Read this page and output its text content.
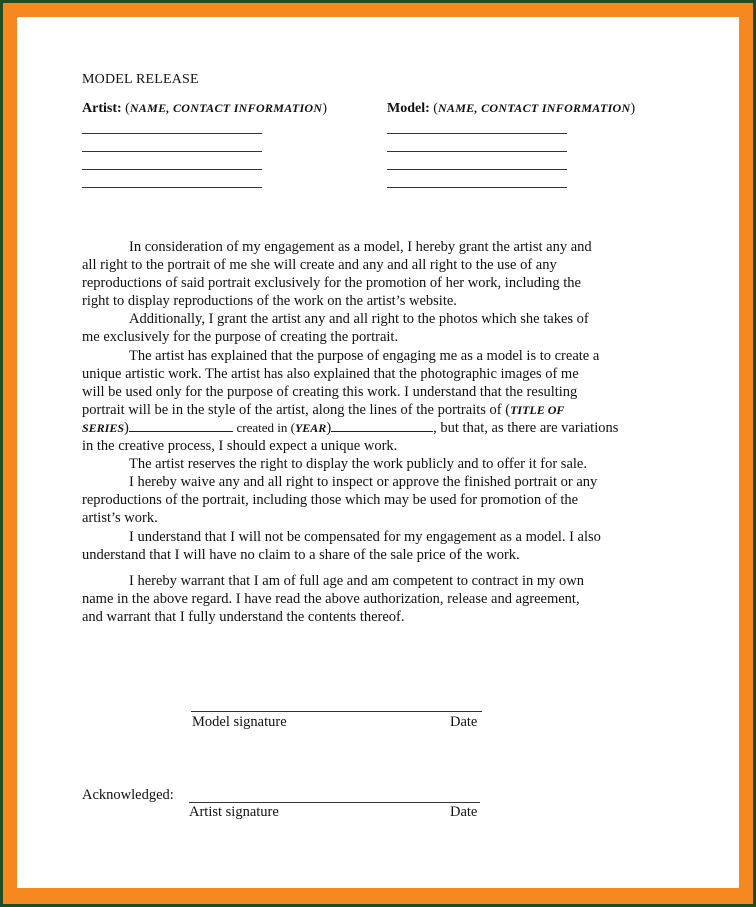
MODEL RELEASE
Artist: (NAME, CONTACT INFORMATION)	Model: (NAME, CONTACT INFORMATION)

In consideration of my engagement as a model, I hereby grant the artist any and

all right to the portrait of me she will create and any and all right to the use of any

reproductions of said portrait exclusively for the promotion of her work, including the

right to display reproductions of the work on the artist’s website.

Additionally, I grant the artist any and all right to the photos which she takes of

me exclusively for the purpose of creating the portrait.

The artist has explained that the purpose of engaging me as a model is to create a

unique artistic work. The artist has also explained that the photographic images of me

will be used only for the purpose of creating this work. I understand that the resulting

portrait will be in the style of the artist, along the lines of the portraits of (TITLE OF

SERIES)	created in (YEAR)	, but that, as there are variations

in the creative process, I should expect a unique work.

The artist reserves the right to display the work publicly and to offer it for sale.

I hereby waive any and all right to inspect or approve the finished portrait or any

reproductions of the portrait, including those which may be used for promotion of the

artist’s work.

I understand that I will not be compensated for my engagement as a model. I also

understand that I will have no claim to a share of the sale price of the work.

I hereby warrant that I am of full age and am competent to contract in my own

name in the above regard. I have read the above authorization, release and agreement,

and warrant that I fully understand the contents thereof.

Model signature	Date
Acknowledged:
Artist signature	Date
